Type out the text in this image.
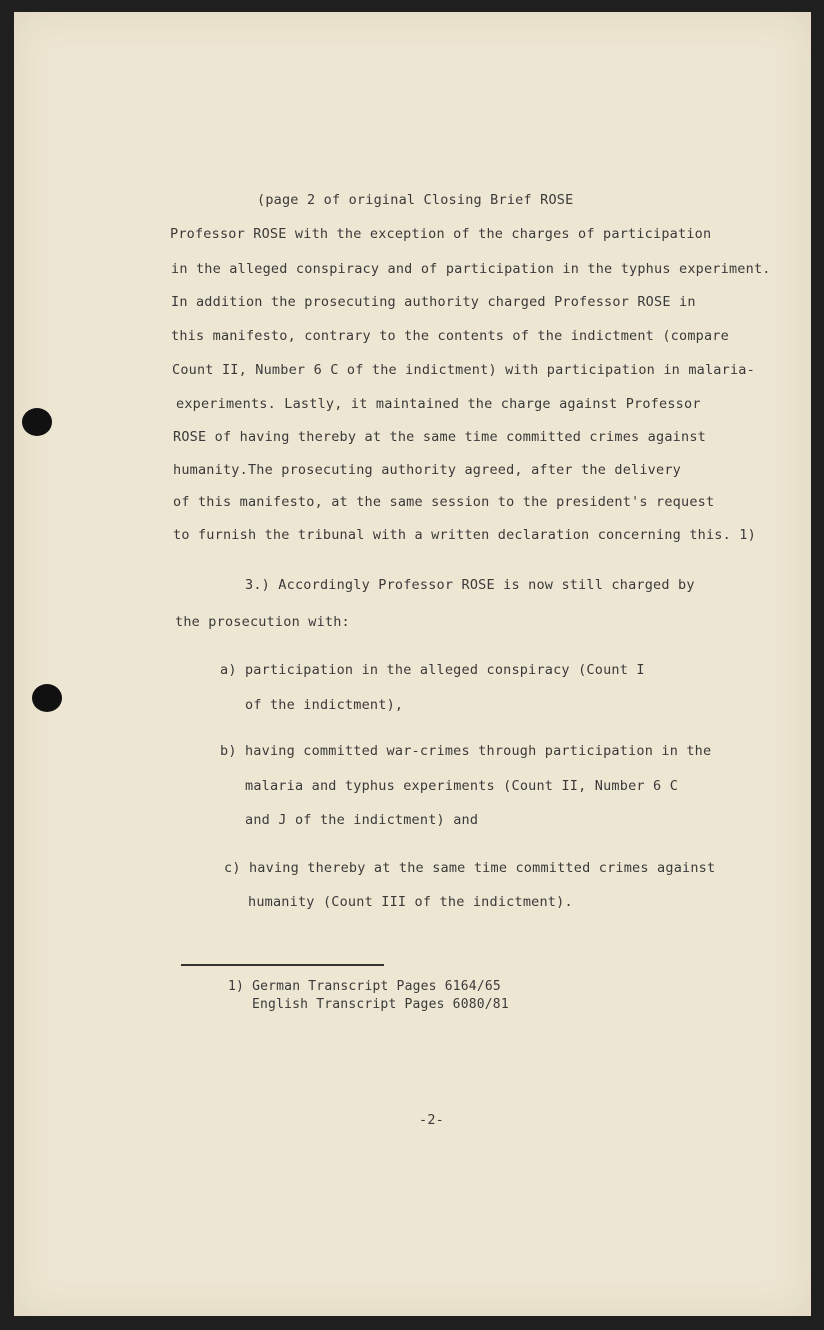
(page 2 of original Closing Brief ROSE

Professor ROSE with the exception of the charges of participation

in the alleged conspiracy and of participation in the typhus experiment.

In addition the prosecuting authority charged Professor ROSE in

this manifesto, contrary to the contents of the indictment (compare

Count II, Number 6 C of the indictment) with participation in malaria-

experiments. Lastly, it maintained the charge against Professor

ROSE of having thereby at the same time committed crimes against

humanity.The prosecuting authority agreed, after the delivery

of this manifesto, at the same session to the president's request

to furnish the tribunal with a written declaration concerning this. 1)

3.) Accordingly Professor ROSE is now still charged by

the prosecution with:

a) participation in the alleged conspiracy (Count I

of the indictment),

b) having committed war-crimes through participation in the

malaria and typhus experiments (Count II, Number 6 C

and J of the indictment) and

c) having thereby at the same time committed crimes against

humanity (Count III of the indictment).

1) German Transcript Pages 6164/65

English Transcript Pages 6080/81

-2-
